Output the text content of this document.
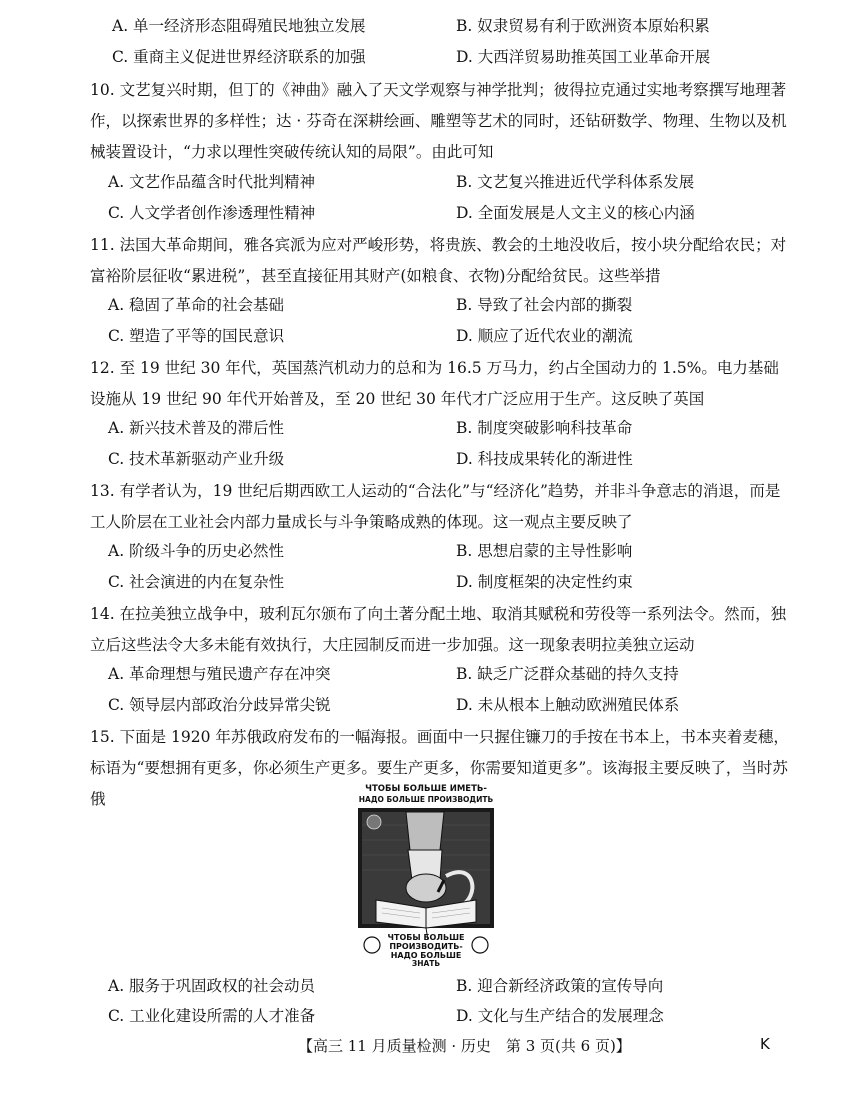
A. 单一经济形态阻碍殖民地独立发展	B. 奴隶贸易有利于欧洲资本原始积累
C. 重商主义促进世界经济联系的加强	D. 大西洋贸易助推英国工业革命开展
10. 文艺复兴时期，但丁的《神曲》融入了天文学观察与神学批判；彼得拉克通过实地考察撰写地理著作，以探索世界的多样性；达 · 芬奇在深耕绘画、雕塑等艺术的同时，还钻研数学、物理、生物以及机械装置设计，“力求以理性突破传统认知的局限”。由此可知
A. 文艺作品蕴含时代批判精神	B. 文艺复兴推进近代学科体系发展
C. 人文学者创作渗透理性精神	D. 全面发展是人文主义的核心内涵
11. 法国大革命期间，雅各宾派为应对严峻形势，将贵族、教会的土地没收后，按小块分配给农民；对富裕阶层征收“累进税”，甚至直接征用其财产(如粮食、衣物)分配给贫民。这些举措
A. 稳固了革命的社会基础	B. 导致了社会内部的撕裂
C. 塑造了平等的国民意识	D. 顺应了近代农业的潮流
12. 至 19 世纪 30 年代，英国蒸汽机动力的总和为 16.5 万马力，约占全国动力的 1.5%。电力基础设施从 19 世纪 90 年代开始普及，至 20 世纪 30 年代才广泛应用于生产。这反映了英国
A. 新兴技术普及的滞后性	B. 制度突破影响科技革命
C. 技术革新驱动产业升级	D. 科技成果转化的渐进性
13. 有学者认为，19 世纪后期西欧工人运动的“合法化”与“经济化”趋势，并非斗争意志的消退，而是工人阶层在工业社会内部力量成长与斗争策略成熟的体现。这一观点主要反映了
A. 阶级斗争的历史必然性	B. 思想启蒙的主导性影响
C. 社会演进的内在复杂性	D. 制度框架的决定性约束
14. 在拉美独立战争中，玻利瓦尔颁布了向土著分配土地、取消其赋税和劳役等一系列法令。然而，独立后这些法令大多未能有效执行，大庄园制反而进一步加强。这一现象表明拉美独立运动
A. 革命理想与殖民遗产存在冲突	B. 缺乏广泛群众基础的持久支持
C. 领导层内部政治分歧异常尖锐	D. 未从根本上触动欧洲殖民体系
15. 下面是 1920 年苏俄政府发布的一幅海报。画面中一只握住镰刀的手按在书本上，书本夹着麦穗，标语为“要想拥有更多，你必须生产更多。要生产更多，你需要知道更多”。该海报主要反映了，当时苏俄
ЧТОБЫ БОЛЬШЕ ИМЕТЬ-
НАДО БОЛЬШЕ ПРОИЗВОДИТЬ
ЧТОБЫ БОЛЬШЕ
ПРОИЗВОДИТЬ-
НАДО БОЛЬШЕ
ЗНАТЬ
A. 服务于巩固政权的社会动员	B. 迎合新经济政策的宣传导向
C. 工业化建设所需的人才准备	D. 文化与生产结合的发展理念
【高三 11 月质量检测 · 历史　第 3 页(共 6 页)】	K
